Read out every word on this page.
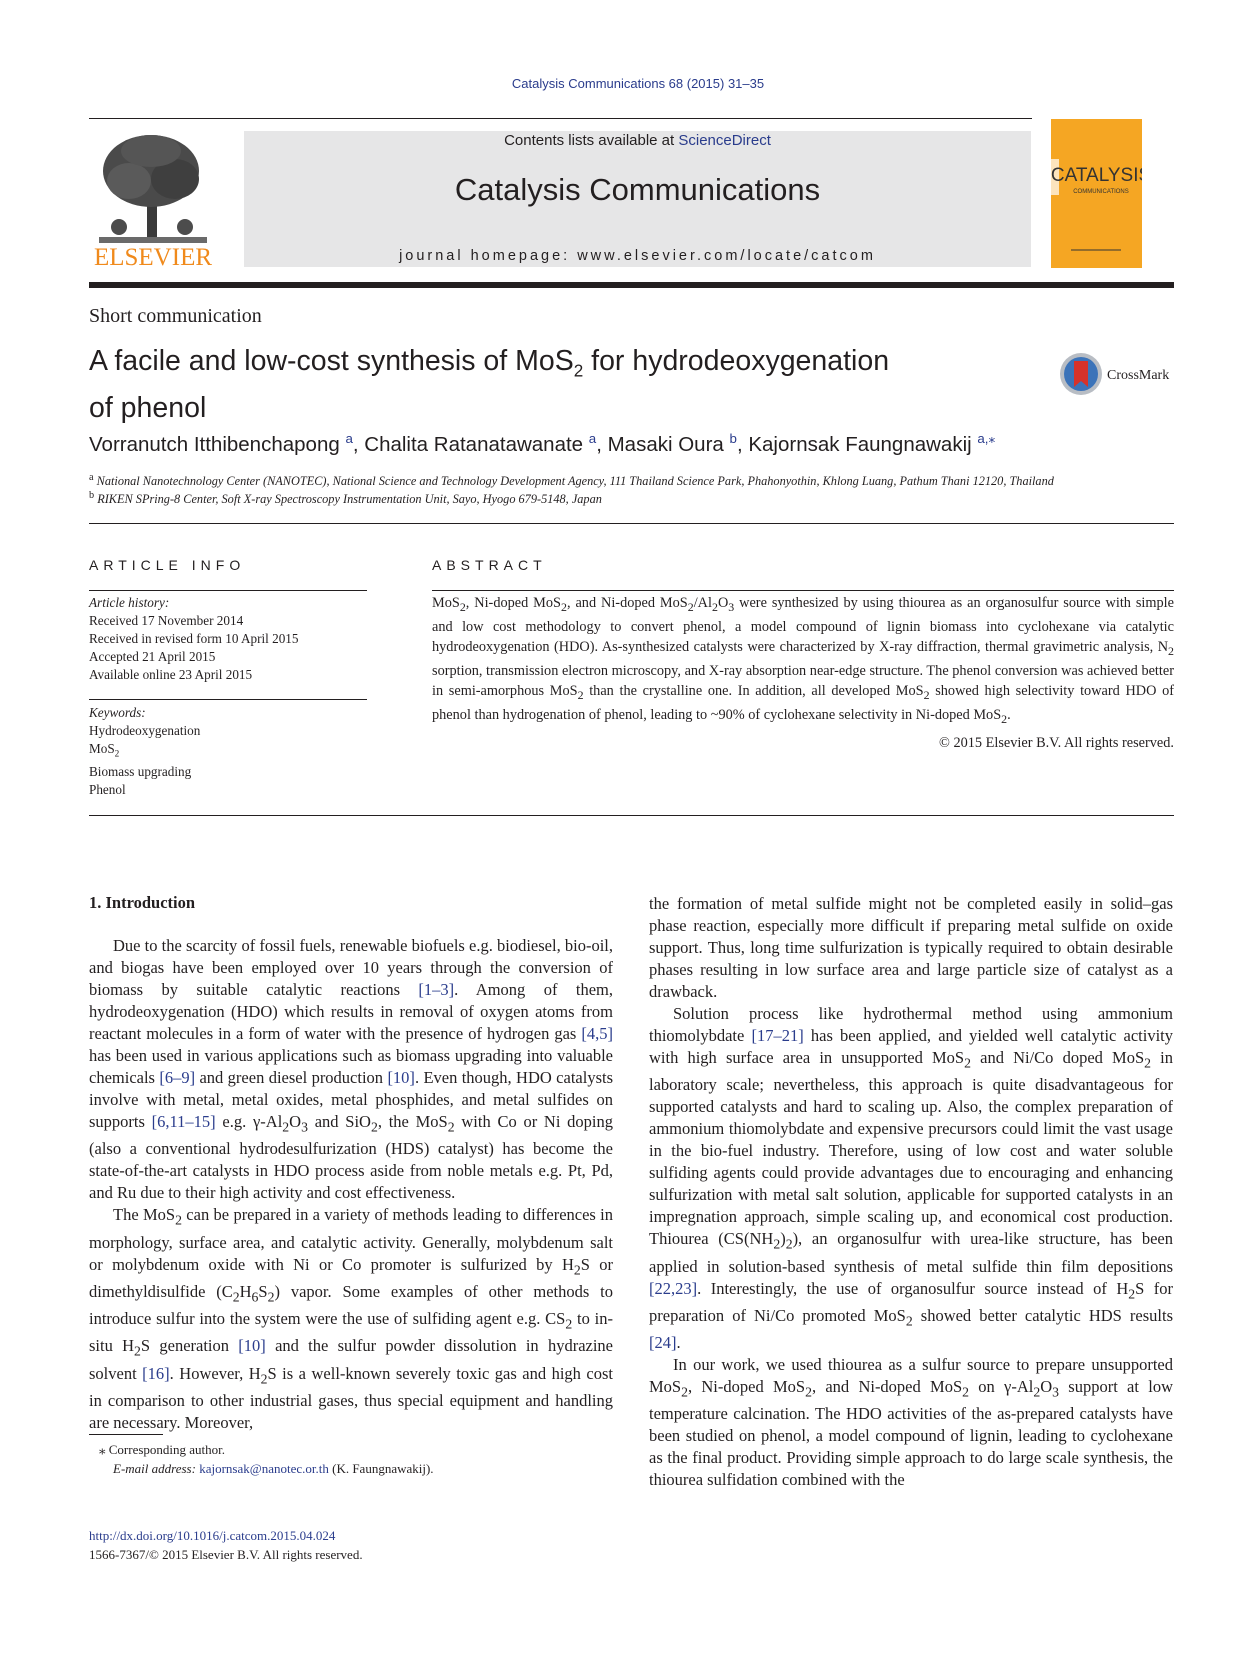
Catalysis Communications 68 (2015) 31–35
ELSEVIER
Contents lists available at ScienceDirect
Catalysis Communications
journal homepage: www.elsevier.com/locate/catcom
CATALYSIS
COMMUNICATIONS
Short communication
A facile and low-cost synthesis of MoS$_2$ for hydrodeoxygenation
of phenol
CrossMark
Vorranutch Itthibenchapong $^a$, Chalita Ratanatawanate $^a$, Masaki Oura $^b$, Kajornsak Faungnawakij $^{a,⁎}$
$^a$ National Nanotechnology Center (NANOTEC), National Science and Technology Development Agency, 111 Thailand Science Park, Phahonyothin, Khlong Luang, Pathum Thani 12120, Thailand
$^b$ RIKEN SPring-8 Center, Soft X-ray Spectroscopy Instrumentation Unit, Sayo, Hyogo 679-5148, Japan
ARTICLE INFO
Article history:
Received 17 November 2014
Received in revised form 10 April 2015
Accepted 21 April 2015
Available online 23 April 2015
Keywords:
Hydrodeoxygenation
MoS$_2$
Biomass upgrading
Phenol
ABSTRACT
MoS$_2$, Ni-doped MoS$_2$, and Ni-doped $MoS_2/Al_2O_3$ were synthesized by using thiourea as an organosulfur source with simple and low cost methodology to convert phenol, a model compound of lignin biomass into cyclohexane via catalytic hydrodeoxygenation (HDO). As-synthesized catalysts were characterized by X-ray diffraction, thermal gravimetric analysis, $N_2$ sorption, transmission electron microscopy, and X-ray absorption near-edge structure. The phenol conversion was achieved better in semi-amorphous MoS$_2$ than the crystalline one. In addition, all developed MoS$_2$ showed high selectivity toward HDO of phenol than hydrogenation of phenol, leading to ~90% of cyclohexane selectivity in Ni-doped MoS$_2$.
© 2015 Elsevier B.V. All rights reserved.
1. Introduction

Due to the scarcity of fossil fuels, renewable biofuels e.g. biodiesel, bio-oil, and biogas have been employed over 10 years through the conversion of biomass by suitable catalytic reactions [1–3]. Among of them, hydrodeoxygenation (HDO) which results in removal of oxygen atoms from reactant molecules in a form of water with the presence of hydrogen gas [4,5] has been used in various applications such as biomass upgrading into valuable chemicals [6–9] and green diesel production [10]. Even though, HDO catalysts involve with metal, metal oxides, metal phosphides, and metal sulfides on supports [6,11–15] e.g. $\gamma-Al_2O_3$ and SiO$_2$, the MoS$_2$ with Co or Ni doping (also a conventional hydrodesulfurization (HDS) catalyst) has become the state-of-the-art catalysts in HDO process aside from noble metals e.g. Pt, Pd, and Ru due to their high activity and cost effectiveness.

The MoS$_2$ can be prepared in a variety of methods leading to differences in morphology, surface area, and catalytic activity. Generally, molybdenum salt or molybdenum oxide with Ni or Co promoter is sulfurized by $H_2S$ or dimethyldisulfide $(C_2H_6S_2)$ vapor. Some examples of other methods to introduce sulfur into the system were the use of sulfiding agent e.g. $CS_2$ to in-situ $H_2S$ generation [10] and the sulfur powder dissolution in hydrazine solvent [16]. However, $H_2S$ is a well-known severely toxic gas and high cost in comparison to other industrial gases, thus special equipment and handling are necessary. Moreover,

the formation of metal sulfide might not be completed easily in solid–gas phase reaction, especially more difficult if preparing metal sulfide on oxide support. Thus, long time sulfurization is typically required to obtain desirable phases resulting in low surface area and large particle size of catalyst as a drawback.

Solution process like hydrothermal method using ammonium thiomolybdate [17–21] has been applied, and yielded well catalytic activity with high surface area in unsupported MoS$_2$ and Ni/Co doped MoS$_2$ in laboratory scale; nevertheless, this approach is quite disadvantageous for supported catalysts and hard to scaling up. Also, the complex preparation of ammonium thiomolybdate and expensive precursors could limit the vast usage in the bio-fuel industry. Therefore, using of low cost and water soluble sulfiding agents could provide advantages due to encouraging and enhancing sulfurization with metal salt solution, applicable for supported catalysts in an impregnation approach, simple scaling up, and economical cost production. Thiourea $(CS(NH_2)_2)$, an organosulfur with urea-like structure, has been applied in solution-based synthesis of metal sulfide thin film depositions [22,23]. Interestingly, the use of organosulfur source instead of $H_2S$ for preparation of Ni/Co promoted MoS$_2$ showed better catalytic HDS results [24].

In our work, we used thiourea as a sulfur source to prepare unsupported MoS$_2$, Ni-doped MoS$_2$, and Ni-doped MoS$_2$ on $\gamma-Al_2O_3$ support at low temperature calcination. The HDO activities of the as-prepared catalysts have been studied on phenol, a model compound of lignin, leading to cyclohexane as the final product. Providing simple approach to do large scale synthesis, the thiourea sulfidation combined with the

⁎ Corresponding author.
E-mail address: kajornsak@nanotec.or.th (K. Faungnawakij).
http://dx.doi.org/10.1016/j.catcom.2015.04.024
1566-7367/© 2015 Elsevier B.V. All rights reserved.
